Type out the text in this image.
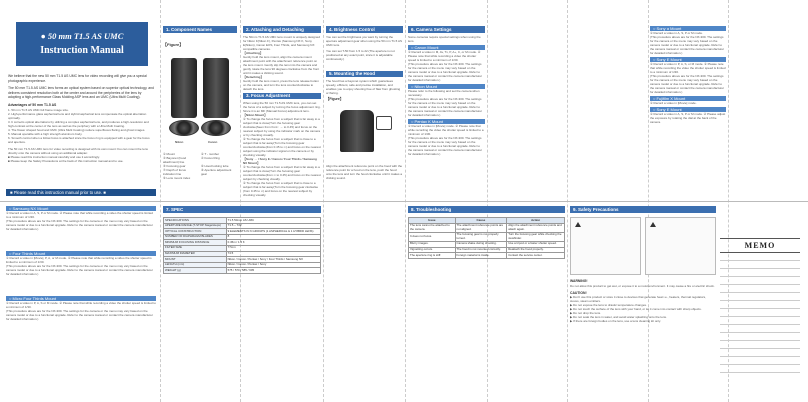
● 50 mm T1.5 AS UMC
Instruction Manual

We believe that the new 50 mm T1.5 AS UMC lens for video recording will give you a special photographic experience.

The 50 mm T1.5 AS UMC lens forms an optical system based on superior optical technology, and delivers consistent resolution both at the center and around the peripheries of the lens by adopting a high-performance Glass Molding ASP lens and an UMC (Ultra Multi Coating).

Advantages of 50 mm T1.5 AS

1. 50 mm T1.5 AS UMC full frame image size.

2. High-performance glass aspherical lens and Hybrid aspherical lens compensate the optical aberration optimally.

3. It corrects optical aberrations by utilizing a complex aspherical lens, and produces a high-resolution and high-contrast at the center of the lens as well as the periphery with a Ultra Multi Coating.

4. The flower shaped hood and UMC (Ultra Multi Coating) reduce superfluous flaring and ghost images.

5. Manual operable with a high strength aluminum body.

6. Smooth control when a follow focus is attached since the focus ring is equipped with a gear for the focus and aperture.

The 50 mm T1.5 AS UMC lens for video recording is designed with its own mount.You can mount the lens directly onto the camera without using an additional adapter.

■ Please read this instruction manual carefully and use it accordingly.

■ Please keep the Safety Precautions at the back of this instruction manual and to use.

■ Please read this instruction manual prior to use. ■
1. Component Names
【Figure】
Nikon	Canon

① Mount	② T - number

③ Bayonet (hood attachment) line

④ Focus Ring

⑤ Focusing gear	⑥ Hood locking tube

⑦ Depth of focus indication line

⑧ Aperture adjustment gear

⑨ Lens mount index

2. Attaching and Detaching

The 50mm T1.5 AS UMC lens mount is uniquely designed for Nikon F(Nikon F), Pentax (Samsung NX K, Sony E(Nikon), Canon EOS, Four Thirds, and Samsung NX compatible cameras.

【Attaching】

Gently hold the lens mount, align the camera mount attachment point with the attachment reference point on the lens mount. Gently slip the lens into the camera and gently rotate the lens 90 degrees clockwise from the front until it makes a clicking sound.

【Detaching】

Gently hold the lens mount, press the lens release button on the camera, and turn the lens counterclockwise to detach the lens.

3. Focus Adjustment

When using the 50 mm T1.5 AS UMC lens, you can set the focus of a subject by turning the focus adjustment ring. Since it is an MF (Manual Focus) adjustment lens.

【Nikon Mount】

① To change the focus from a subject that is far away to a subject that is close(Turn the focusing gear clockwise(Seen from front : → to 0.45) and focus on the nearest subject by using the indicator mark on the camera or by checking visually.

② To change the focus from a subject that is close to a subject that is far away(Turn the focusing gear counterclockwise(from 0.45 to ∞) and focus on the nearest subject using the indicator signal on the camera or by checking visually.

【Sony → / Sony E / Canon / Four Thirds / Samsung NX Mount】

① To change the focus from a subject that is far away to a subject that is close(Turn the focusing gear counterclockwise(from ∞ to 0.45) and focus on the nearest subject by checking visually.

② To change the focus from a subject that is close to a subject that is far away(Turn the focusing gear clockwise (from 0.45 to ∞) and focus on the nearest subject by checking visually.

4. Brightness Control

You can set the brightness you want by turning the aperture adjustment gear when using the 50 mm T1.5 AS UMC lens.

You can set T-50 from 1.5 to 22.(The aperture is not positioned at any exact point, since it is adjustable continuously.)

5. Mounting the Hood

The hood has a bayonet system which guarantees speedy, efficient, safe and precise installation, and enables you to enjoy shooting free of flaw from ghosting or flaring.

【Figure】

Align the attachment reference point on the hood with the reference point for a hood on the lens, push the hood onto the lens and turn the hood clockwise until it makes a clicking sound.

6. Camera Settings

Some cameras require special settings when using the lens.

○ Canon Mount

① Record a video in M, Av, Tv, P, A+, C, or M mode. ② Please note that while recording a video the shutter speed is limited to a minimum of 1/30.

(This procedure above are for the NX-300. The settings for the camera or the menu may vary based on the camera model or due to a functional upgrade. Refer to the camera manual or contact the camera manufacturer for detailed information.)

○ Nikon Mount

Please refer to the following and set the camera when necessary.

(This procedure above are for the NX-300. The settings for the camera or the menu may vary based on the camera model or due to a functional upgrade. Refer to the camera manual or contact the camera manufacturer for detailed information.)

○ Pentax K Mount

① Record a video in [Movie] mode. ② Please note that while recording the video the shutter speed is limited to a minimum of 1/30.

(This procedure above are for the NX-300. The settings for the camera or the menu may vary based on the camera model or due to a functional upgrade. Refer to the camera manual or contact the camera manufacturer for detailed information.)

○ Sony α Mount

① Record a video in A, S, P or M mode.

(This procedure above are for the NX-300. The settings for the camera or the menu may vary based on the camera model or due to a functional upgrade. Refer to the camera manual or contact the camera manufacturer for detailed information.)

○ Sony E Mount

① Record a video in P, A, S, or M mode. ② Please note that while recording the video the shutter speed is limited to a minimum of 1/30.

(This procedure above are for the NX-300. The settings for the camera or the menu may vary based on the camera model or due to a functional upgrade. Refer to the camera manual or contact the camera manufacturer for detailed information.)

○ Fujifilm X Mount

① Record a video in [Movie] mode.

○ Sony E Mount

① Record a video in A, S, P or M mode. ② Please adjust the exposure by rotating the dial at the back of the camera.

○ Samsung NX Mount

① Record a video in A, S, P or M mode. ② Please note that while recording a video the shutter speed is limited to a minimum of 1/30.

(This procedure above are for the NX-300. The settings for the camera or the menu may vary based on the camera model or due to a functional upgrade. Refer to the camera manual or contact the camera manufacturer for detailed information.)

○ Four Thirds Mount

① Record a video in [Movie], P, A, or M mode. ② Please note that while recording a video the shutter speed is limited to a minimum of 1/30.

(This procedure above are for the NX-300. The settings for the camera or the menu may vary based on the camera model or due to a functional upgrade. Refer to the camera manual or contact the camera manufacturer for detailed information.)

○ Micro Four Thirds Mount

① Record a video in P, A, S or M mode. ② Please note that while recording a video the shutter speed is limited to a minimum of 1/30.

(This procedure above are for the NX-300. The settings for the camera or the menu may vary based on the camera model or due to a functional upgrade. Refer to the camera manual or contact the camera manufacturer for detailed information.)

7. SPEC
SPECIFICATIONS	T1.5 50mm AS UMC
APERTURE RANGE (T-STOP Stage/steps)	T1.5 ~ T22
OPTICAL CONSTRUCTION	9 ELEMENTS IN 6 GROUPS (1 ASPHERICAL & 1 HYBRID LENS)
NUMBER OF DIAPHRAGM BLADES	8
MINIMUM FOCUSING DISTANCE	0.45m / 1.5 ft
FILTER SIZE	77mm
MAXIMUM DIAMETER	74.5
MOUNT	Nikon / Canon / Pentax / Sony / Four Thirds / Samsung NX
LENGTH (mm)	Nikon / Canon / Pentax / Sony
WEIGHT (g)	575 / 570 / 585 / 605
8. Troubleshooting
Issue	Cause	Action
The lens cannot be attached to the camera.	The attachment reference points are not aligned.	Align the attachment reference points and attach again.
It does not focus.	The focusing gear is not properly turned.	Turn the focusing gear while checking the viewfinder.
Blurry images.	Camera shake during shooting.	Use a tripod or a faster shutter speed.
Vignetting occurs.	The hood is not mounted correctly.	Reattach the hood properly.
The aperture ring is stiff.	Foreign material is inside.	Contact the service center.
9. Safety Precautions

WARNING!

Do not allow this product to get wet, or expose it to a moist environment. It may cause a fire or electric shock.

CAUTION!

▶ Don't use this product or store it close to devices that generate heat i.e., heaters, thermal regulators, stoves, steam emitters.

▶ Do not expose the lens to drastic temperature changes.

▶ Do not touch the surface of the lens with your hand, or let it come into contact with sharp objects.

▶ Do not drop the lens.

▶ Do not soak the lens in water, and avoid water splashing onto the lens.

▶ If there are foreign bodies on the lens, use a lens cleaning kit only.

MEMO
